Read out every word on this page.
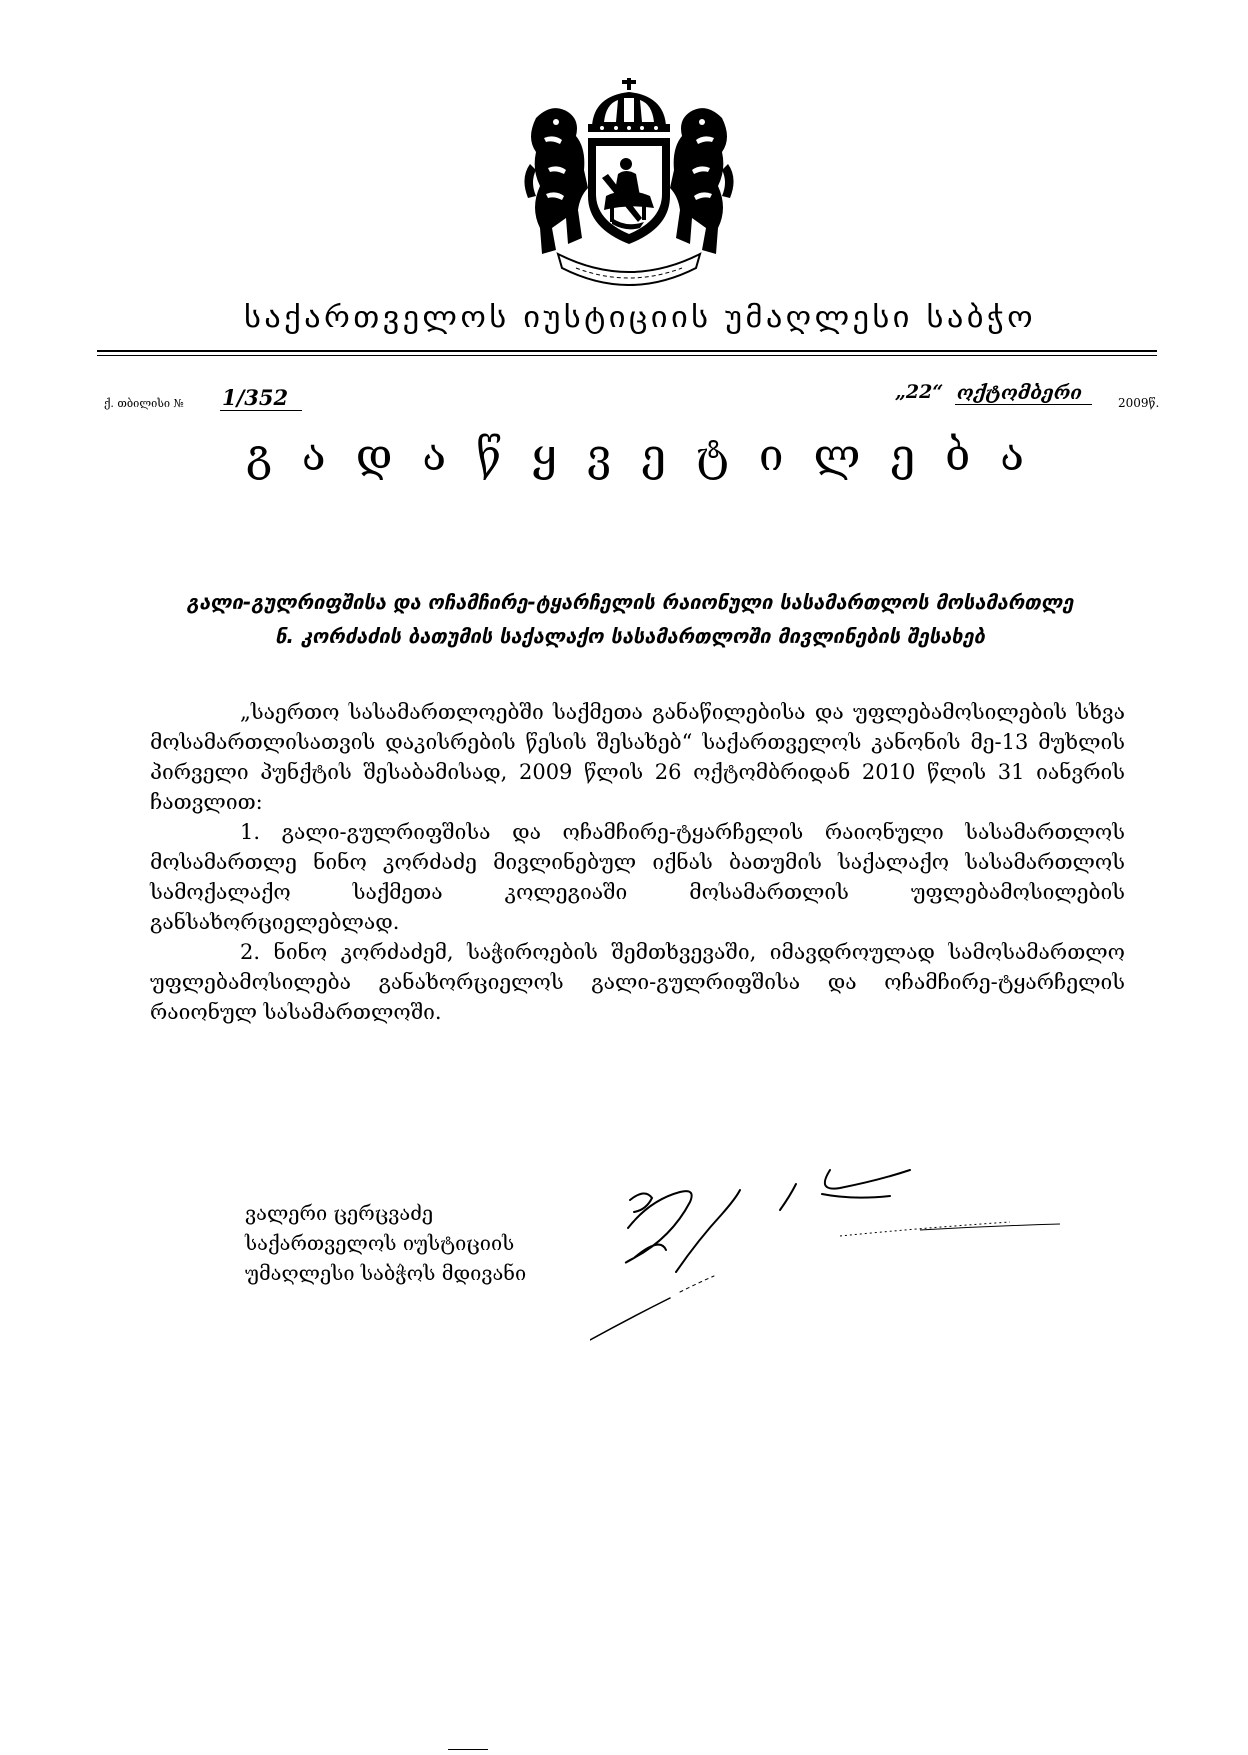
საქართველოს იუსტიციის უმაღლესი საბჭო
ქ. თბილისი № 1/352	„22“ ოქტომბერი	2009წ.
გადაწყვეტილება
გალი-გულრიფშისა და ოჩამჩირე-ტყარჩელის რაიონული სასამართლოს მოსამართლე
ნ. კორძაძის ბათუმის საქალაქო სასამართლოში მივლინების შესახებ

„საერთო სასამართლოებში საქმეთა განაწილებისა და უფლებამოსილების სხვა მოსამართლისათვის დაკისრების წესის შესახებ“ საქართველოს კანონის მე-13 მუხლის პირველი პუნქტის შესაბამისად, 2009 წლის 26 ოქტომბრიდან 2010 წლის 31 იანვრის ჩათვლით:

1. გალი-გულრიფშისა და ოჩამჩირე-ტყარჩელის რაიონული სასამართლოს მოსამართლე ნინო კორძაძე მივლინებულ იქნას ბათუმის საქალაქო სასამართლოს სამოქალაქო საქმეთა კოლეგიაში მოსამართლის უფლებამოსილების განსახორციელებლად.

2. ნინო კორძაძემ, საჭიროების შემთხვევაში, იმავდროულად სამოსამართლო უფლებამოსილება განახორციელოს გალი-გულრიფშისა და ოჩამჩირე-ტყარჩელის რაიონულ სასამართლოში.

ვალერი ცერცვაძე
საქართველოს იუსტიციის
უმაღლესი საბჭოს მდივანი
